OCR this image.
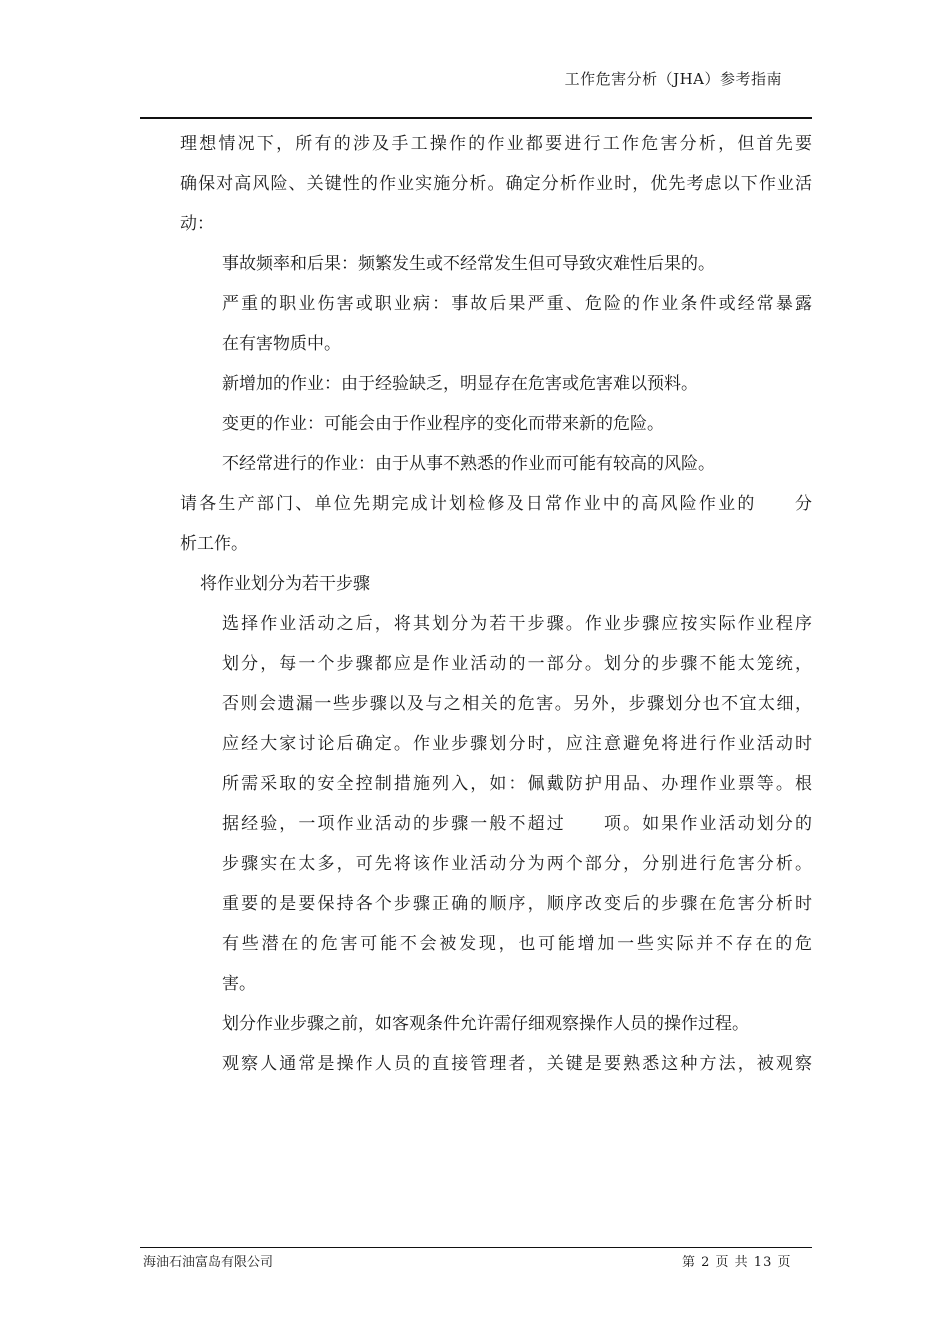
工作危害分析（JHA）参考指南
理想情况下，所有的涉及手工操作的作业都要进行工作危害分析，但首先要
确保对高风险、关键性的作业实施分析。确定分析作业时，优先考虑以下作业活
动：
事故频率和后果：频繁发生或不经常发生但可导致灾难性后果的。
严重的职业伤害或职业病：事故后果严重、危险的作业条件或经常暴露
在有害物质中。
新增加的作业：由于经验缺乏，明显存在危害或危害难以预料。
变更的作业：可能会由于作业程序的变化而带来新的危险。
不经常进行的作业：由于从事不熟悉的作业而可能有较高的风险。
请各生产部门、单位先期完成计划检修及日常作业中的高风险作业的　　分
析工作。
将作业划分为若干步骤
选择作业活动之后，将其划分为若干步骤。作业步骤应按实际作业程序
划分，每一个步骤都应是作业活动的一部分。划分的步骤不能太笼统，
否则会遗漏一些步骤以及与之相关的危害。另外，步骤划分也不宜太细，
应经大家讨论后确定。作业步骤划分时，应注意避免将进行作业活动时
所需采取的安全控制措施列入，如：佩戴防护用品、办理作业票等。根
据经验，一项作业活动的步骤一般不超过　　项。如果作业活动划分的
步骤实在太多，可先将该作业活动分为两个部分，分别进行危害分析。
重要的是要保持各个步骤正确的顺序，顺序改变后的步骤在危害分析时
有些潜在的危害可能不会被发现，也可能增加一些实际并不存在的危
害。
划分作业步骤之前，如客观条件允许需仔细观察操作人员的操作过程。
观察人通常是操作人员的直接管理者，关键是要熟悉这种方法，被观察
海油石油富岛有限公司	第 2 页 共 13 页
